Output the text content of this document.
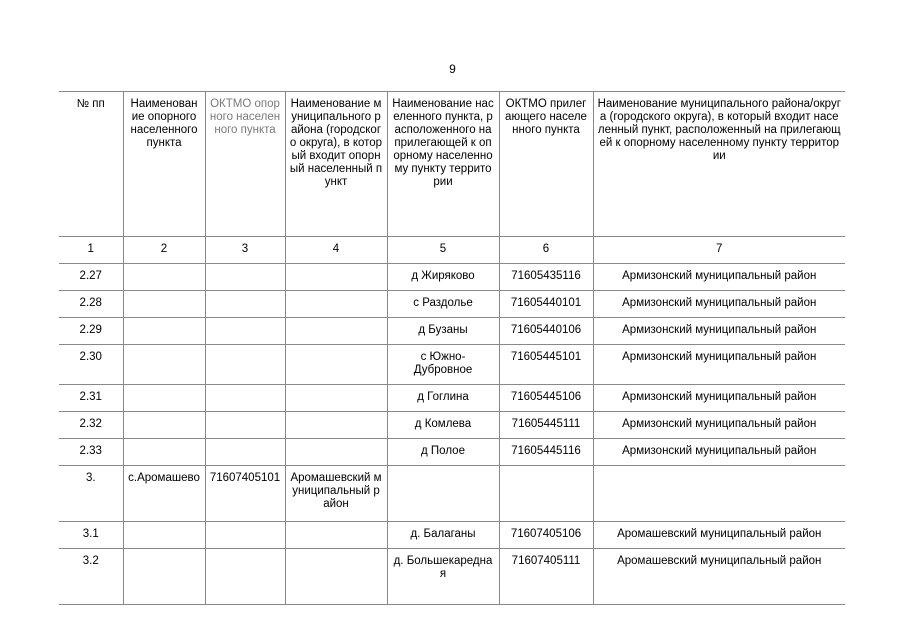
9
№ пп	Наименование опорного населенного пункта	ОКТМО опорного населенного пункта	Наименование муниципального района (городского округа), в который входит опорный населенный пункт	Наименование населенного пункта, расположенного на прилегающей к опорному населенному пункту территории	ОКТМО прилегающего населенного пункта	Наименование муниципального района/округа (городского округа), в который входит населенный пункт, расположенный на прилегающей к опорному населенному пункту территории
1	2	3	4	5	6	7
2.27				д Жиряково	71605435116	Армизонский муниципальный район
2.28				с Раздолье	71605440101	Армизонский муниципальный район
2.29				д Бузаны	71605440106	Армизонский муниципальный район
2.30				с Южно-Дубровное	71605445101	Армизонский муниципальный район
2.31				д Гоглина	71605445106	Армизонский муниципальный район
2.32				д Комлева	71605445111	Армизонский муниципальный район
2.33				д Полое	71605445116	Армизонский муниципальный район
3.	с.Аромашево	71607405101	Аромашевский муниципальный район			
3.1				д. Балаганы	71607405106	Аромашевский муниципальный район
3.2				д. Большекаредная	71607405111	Аромашевский муниципальный район
